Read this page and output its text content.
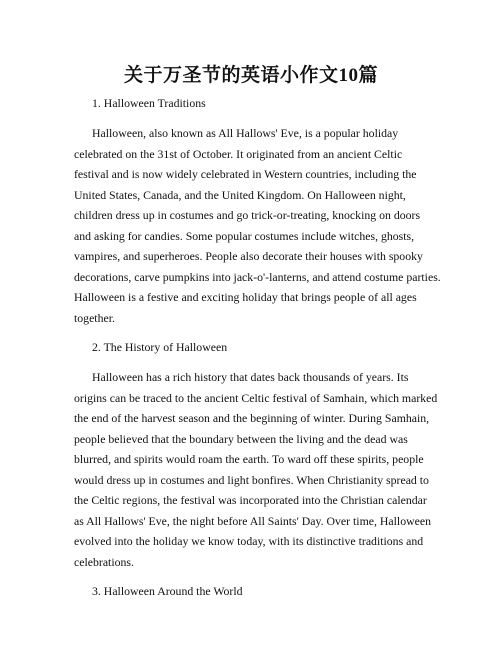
关于万圣节的英语小作文10篇

1. Halloween Traditions

Halloween, also known as All Hallows' Eve, is a popular holiday
celebrated on the 31st of October. It originated from an ancient Celtic
festival and is now widely celebrated in Western countries, including the
United States, Canada, and the United Kingdom. On Halloween night,
children dress up in costumes and go trick-or-treating, knocking on doors
and asking for candies. Some popular costumes include witches, ghosts,
vampires, and superheroes. People also decorate their houses with spooky
decorations, carve pumpkins into jack-o'-lanterns, and attend costume parties.
Halloween is a festive and exciting holiday that brings people of all ages
together.

2. The History of Halloween

Halloween has a rich history that dates back thousands of years. Its
origins can be traced to the ancient Celtic festival of Samhain, which marked
the end of the harvest season and the beginning of winter. During Samhain,
people believed that the boundary between the living and the dead was
blurred, and spirits would roam the earth. To ward off these spirits, people
would dress up in costumes and light bonfires. When Christianity spread to
the Celtic regions, the festival was incorporated into the Christian calendar
as All Hallows' Eve, the night before All Saints' Day. Over time, Halloween
evolved into the holiday we know today, with its distinctive traditions and
celebrations.

3. Halloween Around the World
